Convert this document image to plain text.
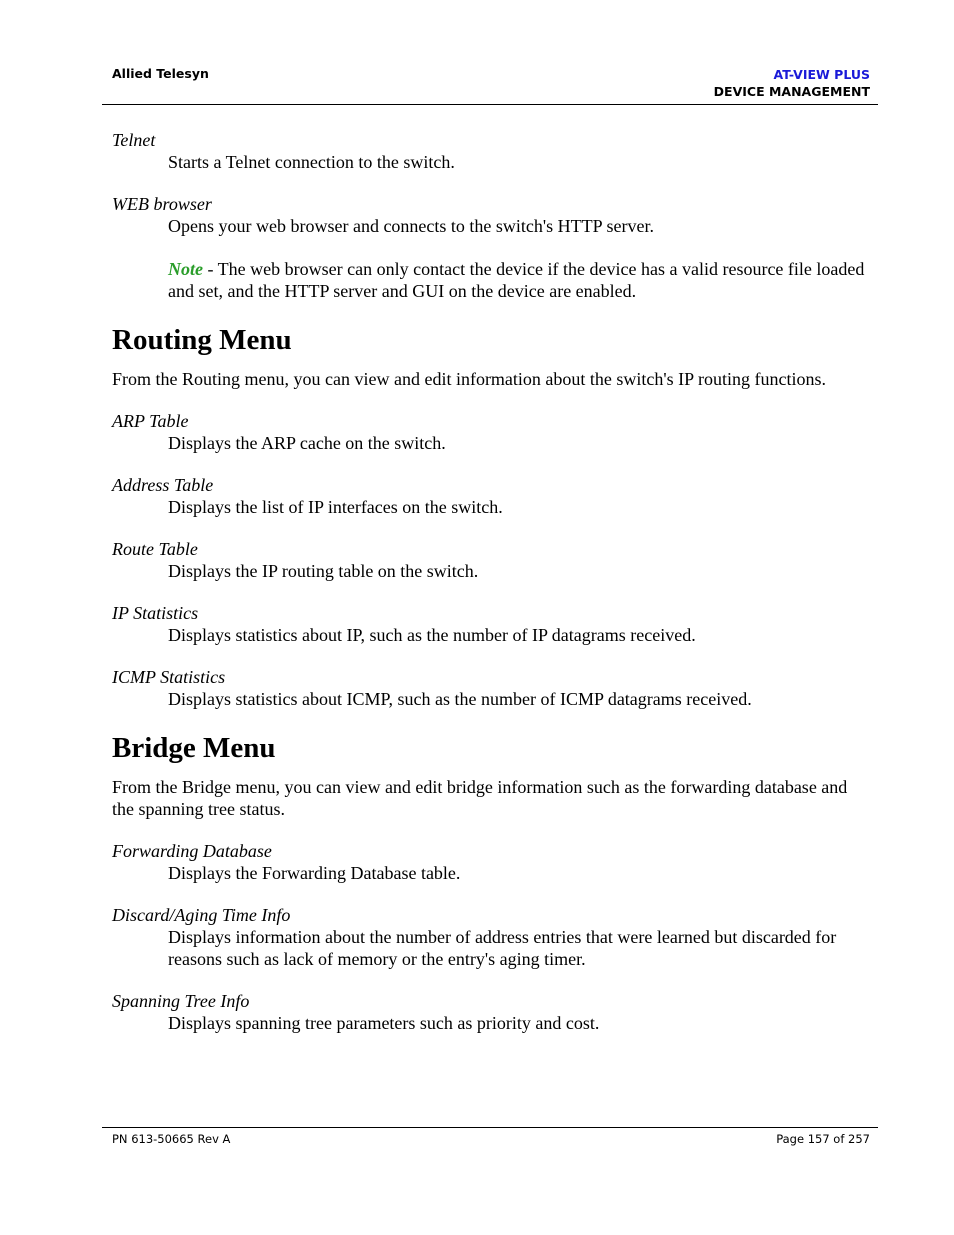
Allied Telesyn	AT-VIEW PLUS
DEVICE MANAGEMENT
Telnet
Starts a Telnet connection to the switch.
WEB browser
Opens your web browser and connects to the switch's HTTP server.
Note - The web browser can only contact the device if the device has a valid resource file loaded and set, and the HTTP server and GUI on the device are enabled.
Routing Menu
From the Routing menu, you can view and edit information about the switch's IP routing functions.
ARP Table
Displays the ARP cache on the switch.
Address Table
Displays the list of IP interfaces on the switch.
Route Table
Displays the IP routing table on the switch.
IP Statistics
Displays statistics about IP, such as the number of IP datagrams received.
ICMP Statistics
Displays statistics about ICMP, such as the number of ICMP datagrams received.
Bridge Menu
From the Bridge menu, you can view and edit bridge information such as the forwarding database and the spanning tree status.
Forwarding Database
Displays the Forwarding Database table.
Discard/Aging Time Info
Displays information about the number of address entries that were learned but discarded for reasons such as lack of memory or the entry's aging timer.
Spanning Tree Info
Displays spanning tree parameters such as priority and cost.
PN 613-50665 Rev A	Page 157 of 257
